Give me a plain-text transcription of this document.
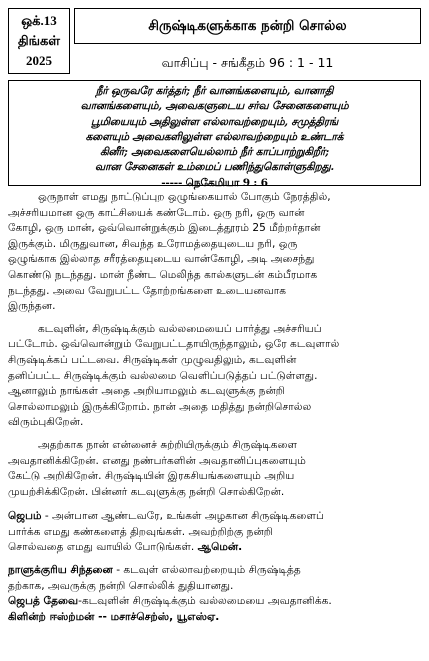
ஒக்.13
திங்கள்
2025
சிருஷ்டிகளுக்காக நன்றி சொல்ல
வாசிப்பு - சங்கீதம் 96 : 1 - 11
நீர் ஒருவரே கர்த்தர்; நீர் வானங்களையும், வானாதி
வானங்களையும், அவைகளுடைய சர்வ சேனைகளையும்
பூமியையும் அதிலுள்ள எல்லாவற்றையும், சமுத்திரங்
களையும் அவைகளிலுள்ள எல்லாவற்றையும் உண்டாக்
கினீர்; அவைகளையெல்லாம் நீர் காப்பாற்றுகிறீர்;
வான சேனைகள் உம்மைப் பணிந்துகொள்ளுகிறது.
----- நெகேமியா 9 : 6
ஒருநாள் எமது நாட்டுப்புற ஒழுங்கையால் போகும் நேரத்தில்,
அச்சரியமான ஒரு காட்சியைக் கண்டோம். ஒரு நரி, ஒரு வான்
கோழி, ஒரு மான், ஒவ்வொன்றுக்கும் இடைத்தூரம் 25 மீற்றர்தான்
இருக்கும். மிருதுவான, சிவந்த உரோமத்தையுடைய நரி, ஒரு
ஒழுங்காக இல்லாத சரீரத்தையுடைய வான்கோழி, அடி அசைந்து
கொண்டு நடந்தது. மான் நீண்ட மெலிந்த கால்களுடன் கம்பீரமாக
நடந்தது. அவை வேறுபட்ட தோற்றங்களை உடையனவாக
இருந்தன.
கடவுளின், சிருஷ்டிக்கும் வல்லமையைப் பார்த்து அச்சரியப்
பட்டோம். ஒவ்வொன்றும் வேறுபட்டதாயிருந்தாலும், ஒரே கடவுளால்
சிருஷ்டிக்கப் பட்டவை. சிருஷ்டிகள் முழுவதிலும், கடவுளின்
தனிப்பட்ட சிருஷ்டிக்கும் வல்லமை வெளிப்படுத்தப் பட்டுள்ளது.
ஆனாலும் நாங்கள் அதை அறியாமலும் கடவுளுக்கு நன்றி
சொல்லாமலும் இருக்கிறோம். நான் அதை மதித்து நன்றிசொல்ல
விரும்புகிறேன்.
அதற்காக நான் என்னைச் சுற்றியிருக்கும் சிருஷ்டிகளை
அவதானிக்கிறேன். எனது நண்பர்களின் அவதானிப்புகளையும்
கேட்டு அறிகிறேன். சிருஷ்டியின் இரகசியங்களையும் அறிய
முயற்சிக்கிறேன். பின்னர் கடவுளுக்கு நன்றி சொல்கிறேன்.
ஜெபம் - அன்பான ஆண்டவரே, உங்கள் அழகான சிருஷ்டிகளைப்
பார்க்க எமது கண்களைத் திறவுங்கள். அவற்றிற்கு நன்றி
சொல்வதை எமது வாயில் போடுங்கள். ஆமென்.
நாளுக்குரிய சிந்தனை - கடவுள் எல்லாவற்றையும் சிருஷ்டித்த
தற்காக, அவருக்கு நன்றி சொல்லிக் துதியானது.
ஜெபத் தேவை-கடவுளின் சிருஷ்டிக்கும் வல்லமையை அவதானிக்க.
கிளின்ற் ஈஸ்ற்மன் -- மசாச்செற்ஸ், யூஎஸ்ஏ.
